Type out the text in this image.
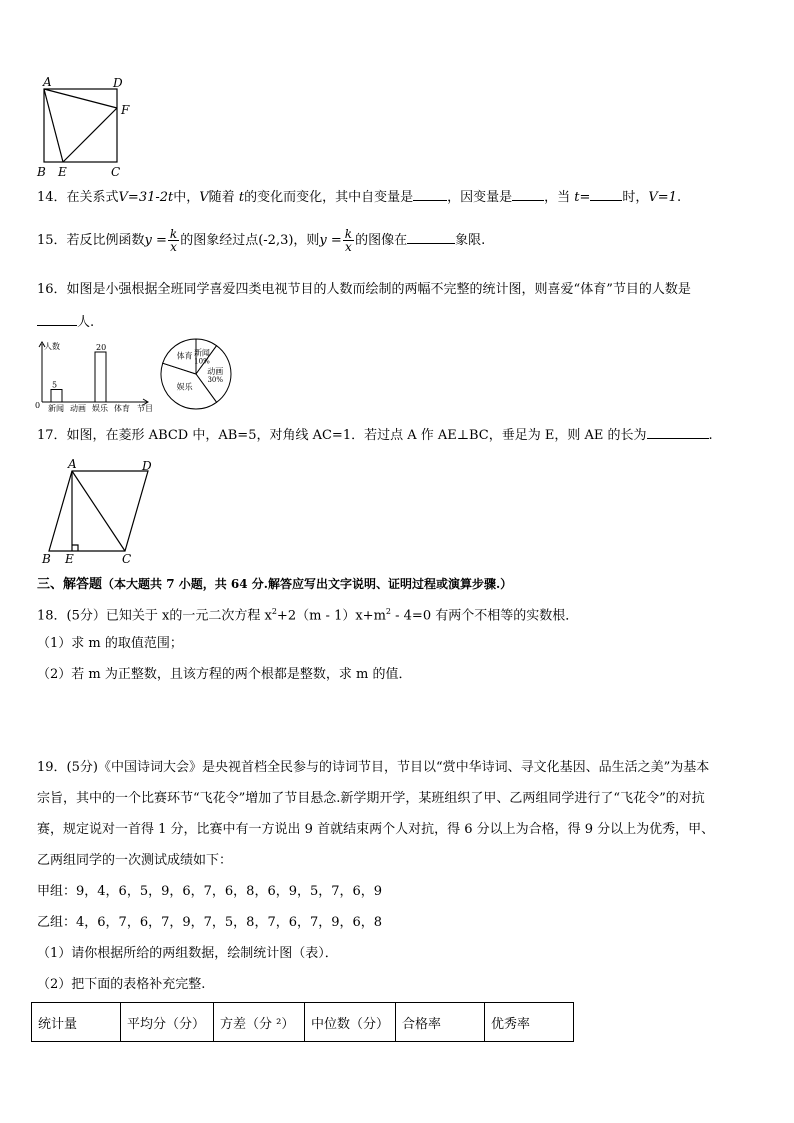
A	D
F
B E	C
14．在关系式V=31-2t中，V随着 t的变化而变化，其中自变量是	，因变量是 ，当 t= 时，V=1.
15．若反比例函数$y = \frac{k}{x}$ 的图象经过点(-2,3)，则$y = \frac{k}{x}$ 的图像在	象限.
16．如图是小强根据全班同学喜爱四类电视节目的人数而绘制的两幅不完整的统计图，则喜爱“体育”节目的人数是
人.
人数
0	节目
5
新闻 动画
20
娱乐 体育
新闻
10%
动画
30%
娱乐
体育
17．如图，在菱形 ABCD 中，AB=5，对角线 AC=1．若过点 A 作 AE⊥BC，垂足为 E，则 AE 的长为	.
A	D
B E	C
三、解答题（本大题共 7 小题，共 64 分.解答应写出文字说明、证明过程或演算步骤.）
18．(5分）已知关于 x的一元二次方程 $x^2+2(m - 1)x+m^2 - 4=0$ 有两个不相等的实数根．
（1）求 m 的取值范围；
（2）若 m 为正整数，且该方程的两个根都是整数，求 m 的值．
19．(5分)《中国诗词大会》是央视首档全民参与的诗词节目，节目以“赏中华诗词、寻文化基因、品生活之美”为基本
宗旨，其中的一个比赛环节“飞花令”增加了节目悬念.新学期开学，某班组织了甲、乙两组同学进行了“飞花令”的对抗
赛，规定说对一首得 1 分，比赛中有一方说出 9 首就结束两个人对抗，得 6 分以上为合格，得 9 分以上为优秀，甲、
乙两组同学的一次测试成绩如下：
甲组：9，4，6，5，9，6，7，6，8，6，9，5，7，6，9
乙组：4，6，7，6，7，9，7，5，8，7，6，7，9，6，8
（1）请你根据所给的两组数据，绘制统计图（表）．
（2）把下面的表格补充完整.
统计量	平均分（分）	方差（分 ²）	中位数（分）	合格率	优秀率
